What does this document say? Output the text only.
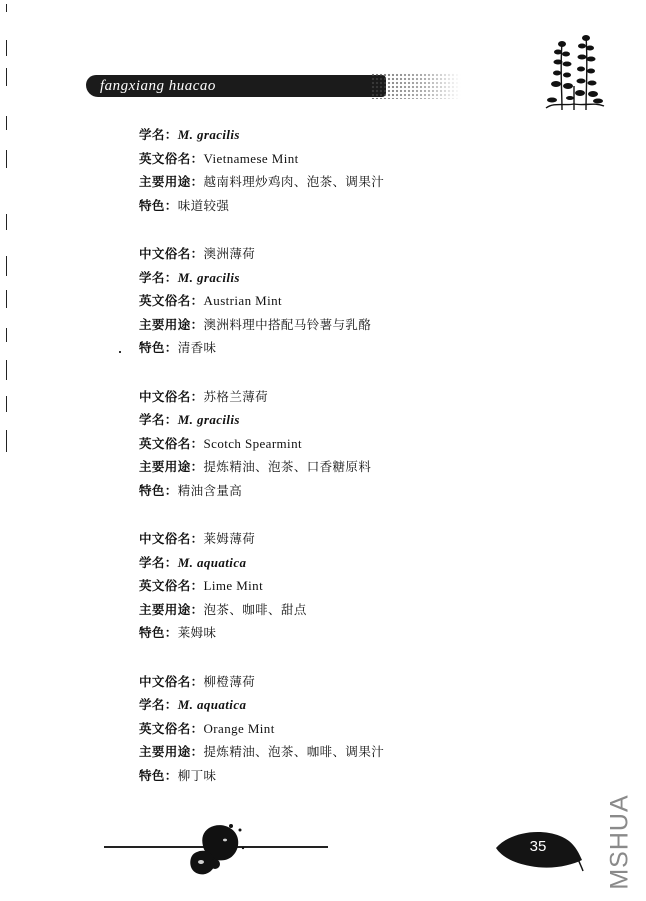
fangxiang huacao
学名：M. gracilis
英文俗名：Vietnamese Mint
主要用途：越南料理炒鸡肉、泡茶、调果汁
特色：味道较强
中文俗名：澳洲薄荷
学名：M. gracilis
英文俗名：Austrian Mint
主要用途：澳洲料理中搭配马铃薯与乳酪
特色：清香味
中文俗名：苏格兰薄荷
学名：M. gracilis
英文俗名：Scotch Spearmint
主要用途：提炼精油、泡茶、口香糖原料
特色：精油含量高
中文俗名：莱姆薄荷
学名：M. aquatica
英文俗名：Lime Mint
主要用途：泡茶、咖啡、甜点
特色：莱姆味
中文俗名：柳橙薄荷
学名：M. aquatica
英文俗名：Orange Mint
主要用途：提炼精油、泡茶、咖啡、调果汁
特色：柳丁味
35	MSHUA
